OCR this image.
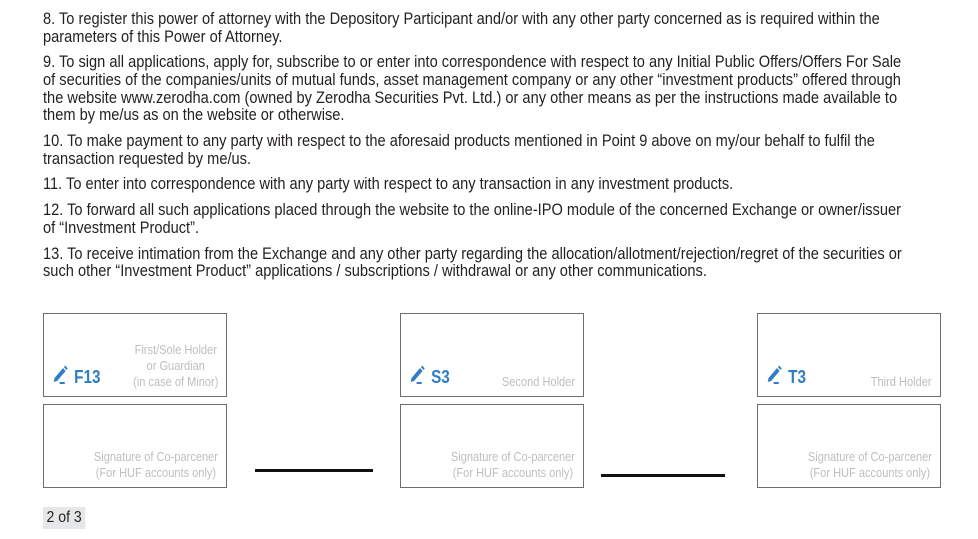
8. To register this power of attorney with the Depository Participant and/or with any other party concerned as is required within the
parameters of this Power of Attorney.
9. To sign all applications, apply for, subscribe to or enter into correspondence with respect to any Initial Public Offers/Offers For Sale
of securities of the companies/units of mutual funds, asset management company or any other “investment products” offered through
the website www.zerodha.com (owned by Zerodha Securities Pvt. Ltd.) or any other means as per the instructions made available to
them by me/us as on the website or otherwise.
10. To make payment to any party with respect to the aforesaid products mentioned in Point 9 above on my/our behalf to fulfil the
transaction requested by me/us.
11. To enter into correspondence with any party with respect to any transaction in any investment products.
12. To forward all such applications placed through the website to the online-IPO module of the concerned Exchange or owner/issuer
of “Investment Product”.
13. To receive intimation from the Exchange and any other party regarding the allocation/allotment/rejection/regret of the securities or
such other “Investment Product” applications / subscriptions / withdrawal or any other communications.
F13
First/Sole Holder
or Guardian
(in case of Minor)
Signature of Co-parcener
(For HUF accounts only)
S3	Second Holder
Signature of Co-parcener
(For HUF accounts only)
T3	Third Holder
Signature of Co-parcener
(For HUF accounts only)
2 of 3
